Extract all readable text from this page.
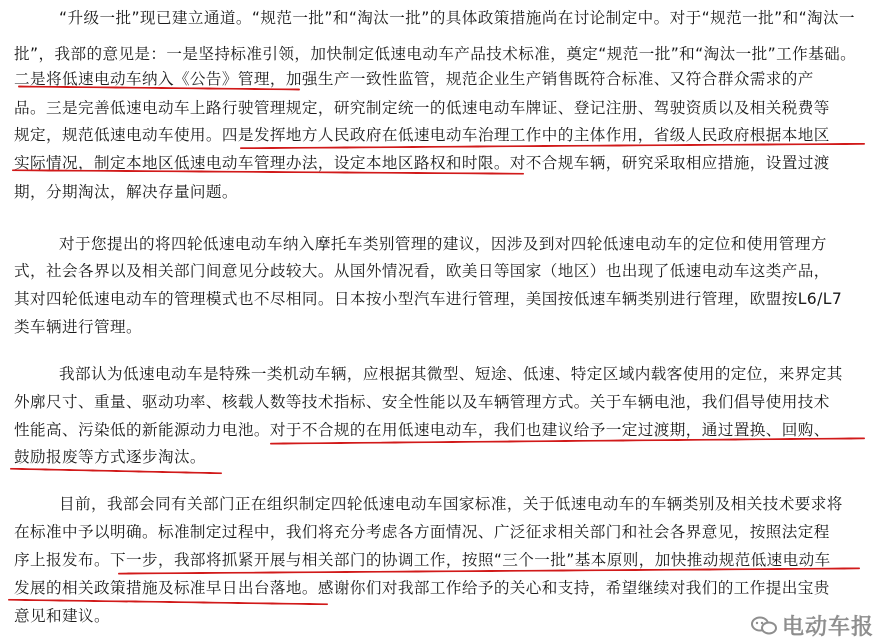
“升级一批”现已建立通道。“规范一批”和“淘汰一批”的具体政策措施尚在讨论制定中。对于“规范一批”和“淘汰一
批”，我部的意见是：一是坚持标准引领，加快制定低速电动车产品技术标准，奠定“规范一批”和“淘汰一批”工作基础。
二是将低速电动车纳入《公告》管理，加强生产一致性监管，规范企业生产销售既符合标准、又符合群众需求的产
品。三是完善低速电动车上路行驶管理规定，研究制定统一的低速电动车牌证、登记注册、驾驶资质以及相关税费等
规定，规范低速电动车使用。四是发挥地方人民政府在低速电动车治理工作中的主体作用，省级人民政府根据本地区
实际情况，制定本地区低速电动车管理办法，设定本地区路权和时限。对不合规车辆，研究采取相应措施，设置过渡
期，分期淘汰，解决存量问题。
对于您提出的将四轮低速电动车纳入摩托车类别管理的建议，因涉及到对四轮低速电动车的定位和使用管理方
式，社会各界以及相关部门间意见分歧较大。从国外情况看，欧美日等国家（地区）也出现了低速电动车这类产品，
其对四轮低速电动车的管理模式也不尽相同。日本按小型汽车进行管理，美国按低速车辆类别进行管理，欧盟按L6/L7
类车辆进行管理。
我部认为低速电动车是特殊一类机动车辆，应根据其微型、短途、低速、特定区域内载客使用的定位，来界定其
外廓尺寸、重量、驱动功率、核载人数等技术指标、安全性能以及车辆管理方式。关于车辆电池，我们倡导使用技术
性能高、污染低的新能源动力电池。对于不合规的在用低速电动车，我们也建议给予一定过渡期，通过置换、回购、
鼓励报废等方式逐步淘汰。
目前，我部会同有关部门正在组织制定四轮低速电动车国家标准，关于低速电动车的车辆类别及相关技术要求将
在标准中予以明确。标准制定过程中，我们将充分考虑各方面情况、广泛征求相关部门和社会各界意见，按照法定程
序上报发布。下一步，我部将抓紧开展与相关部门的协调工作，按照“三个一批”基本原则，加快推动规范低速电动车
发展的相关政策措施及标准早日出台落地。感谢你们对我部工作给予的关心和支持，希望继续对我们的工作提出宝贵
意见和建议。	电动车报
